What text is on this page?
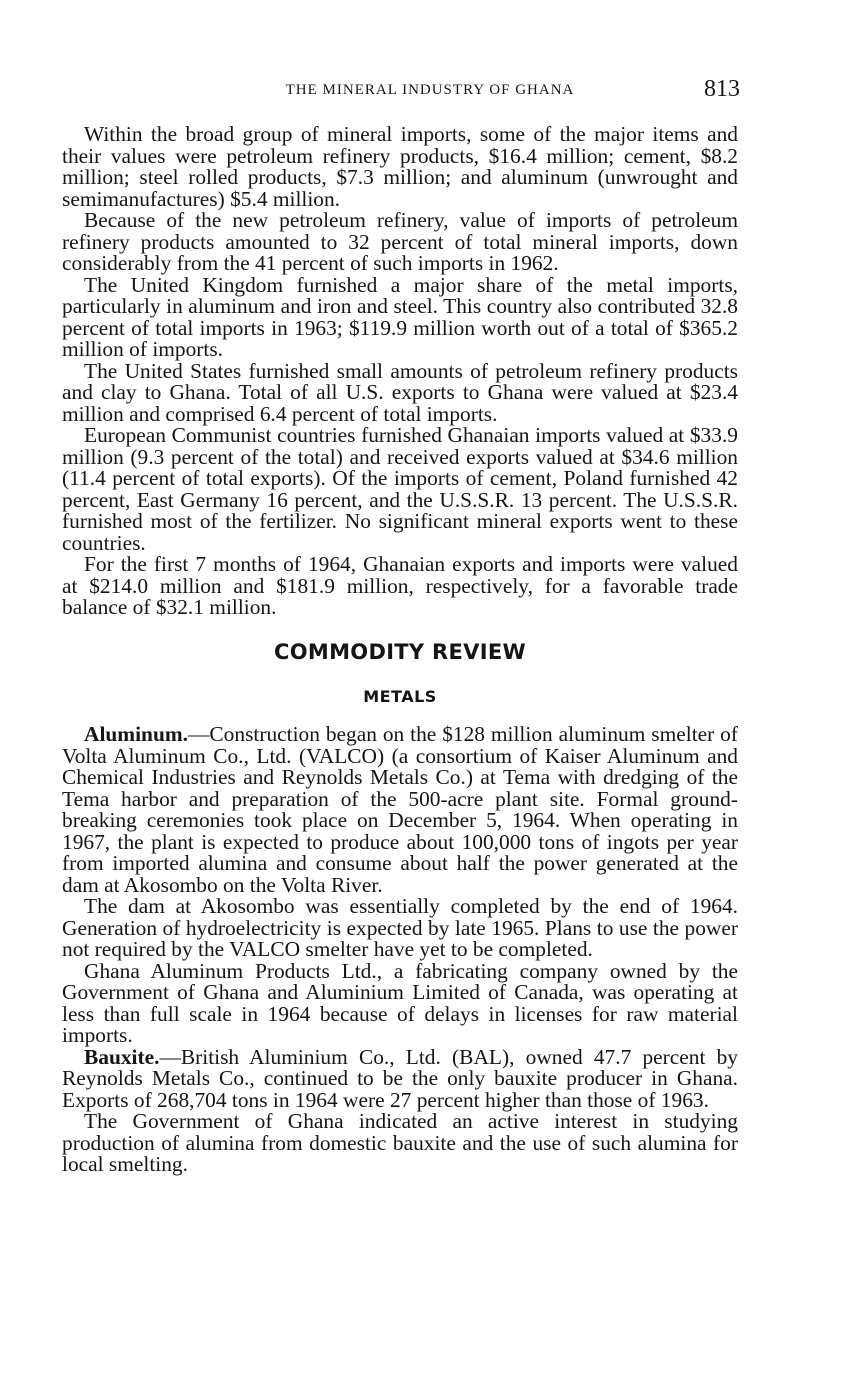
THE MINERAL INDUSTRY OF GHANA	813

Within the broad group of mineral imports, some of the major items and their values were petroleum refinery products, $16.4 million; cement, $8.2 million; steel rolled products, $7.3 million; and aluminum (unwrought and semimanufactures) $5.4 million.

Because of the new petroleum refinery, value of imports of petroleum refinery products amounted to 32 percent of total mineral imports, down considerably from the 41 percent of such imports in 1962.

The United Kingdom furnished a major share of the metal imports, particularly in aluminum and iron and steel. This country also contributed 32.8 percent of total imports in 1963; $119.9 million worth out of a total of $365.2 million of imports.

The United States furnished small amounts of petroleum refinery products and clay to Ghana. Total of all U.S. exports to Ghana were valued at $23.4 million and comprised 6.4 percent of total imports.

European Communist countries furnished Ghanaian imports valued at $33.9 million (9.3 percent of the total) and received exports valued at $34.6 million (11.4 percent of total exports). Of the imports of cement, Poland furnished 42 percent, East Germany 16 percent, and the U.S.S.R. 13 percent. The U.S.S.R. furnished most of the fertilizer. No significant mineral exports went to these countries.

For the first 7 months of 1964, Ghanaian exports and imports were valued at $214.0 million and $181.9 million, respectively, for a favorable trade balance of $32.1 million.

COMMODITY REVIEW
METALS

Aluminum.—Construction began on the $128 million aluminum smelter of Volta Aluminum Co., Ltd. (VALCO) (a consortium of Kaiser Aluminum and Chemical Industries and Reynolds Metals Co.) at Tema with dredging of the Tema harbor and preparation of the 500-acre plant site. Formal ground-breaking ceremonies took place on December 5, 1964. When operating in 1967, the plant is expected to produce about 100,000 tons of ingots per year from imported alumina and consume about half the power generated at the dam at Akosombo on the Volta River.

The dam at Akosombo was essentially completed by the end of 1964. Generation of hydroelectricity is expected by late 1965. Plans to use the power not required by the VALCO smelter have yet to be completed.

Ghana Aluminum Products Ltd., a fabricating company owned by the Government of Ghana and Aluminium Limited of Canada, was operating at less than full scale in 1964 because of delays in licenses for raw material imports.

Bauxite.—British Aluminium Co., Ltd. (BAL), owned 47.7 percent by Reynolds Metals Co., continued to be the only bauxite producer in Ghana. Exports of 268,704 tons in 1964 were 27 percent higher than those of 1963.

The Government of Ghana indicated an active interest in studying production of alumina from domestic bauxite and the use of such alumina for local smelting.
